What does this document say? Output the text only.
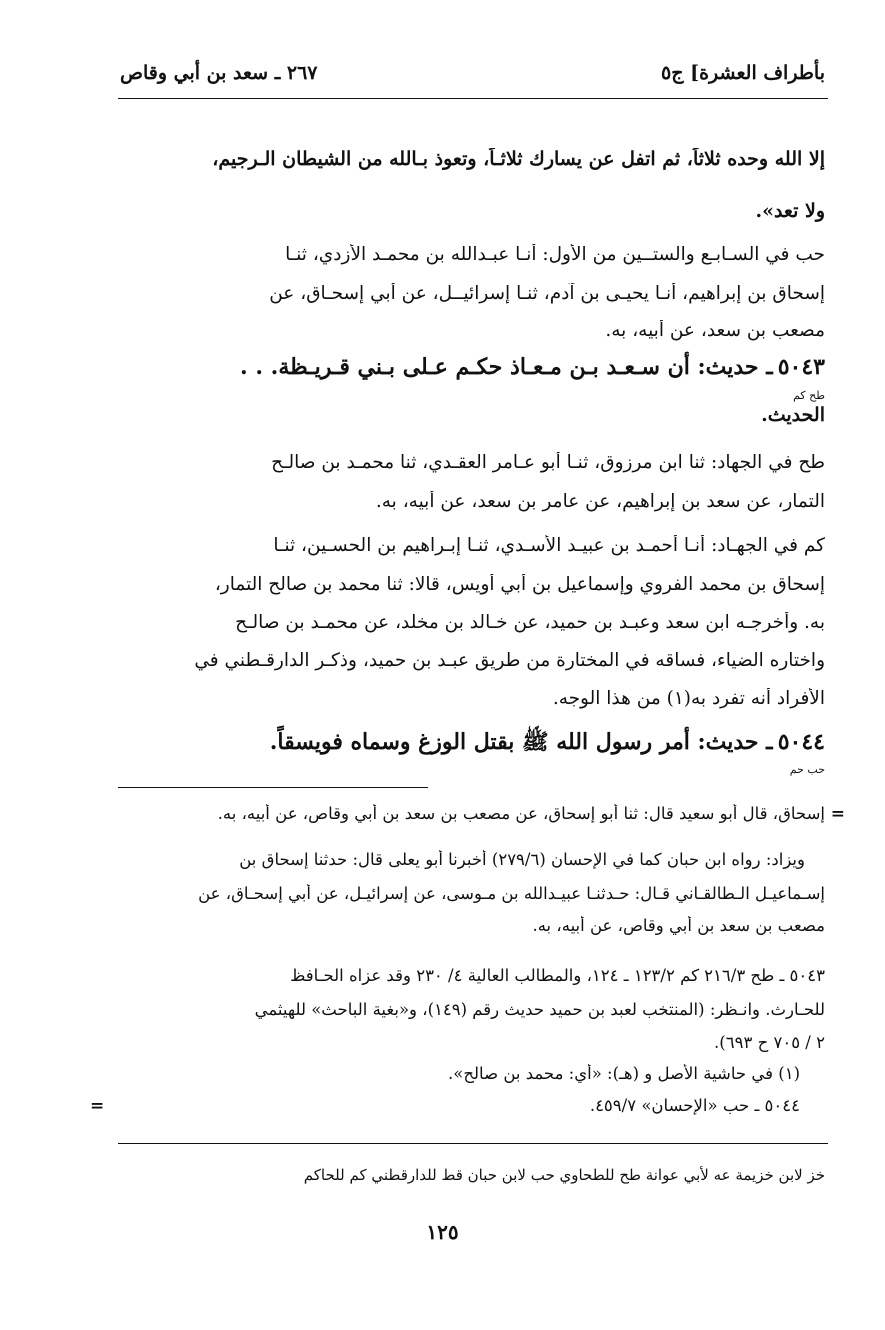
بأطراف العشرة] ج٥
٢٦٧ ـ سعد بن أبي وقاص
إلا الله وحده ثلاثاً، ثم اتفل عن يسارك ثلاثـاً، وتعوذ بـالله من الشيطان الـرجيم،
ولا تعد».
حب في السـابـع والستــين من الأول: أنـا عبـدالله بن محمـد الأزدي، ثنـا
إسحاق بن إبراهيم، أنـا يحيـى بن آدم، ثنـا إسرائيــل، عن أبي إسحـاق، عن
مصعب بن سعد، عن أبيه، به.
٥٠٤٣ ـ حديث: أن سـعـد بـن مـعـاذ حكـم عـلى بـني قـريـظة. . .
طح كم
الحديث.
طح في الجهاد: ثنا ابن مرزوق، ثنـا أبو عـامر العقـدي، ثنا محمـد بن صالـح
التمار، عن سعد بن إبراهيم، عن عامر بن سعد، عن أبيه، به.
كم في الجهـاد: أنـا أحمـد بن عبيـد الأسـدي، ثنـا إبـراهيم بن الحسـين، ثنـا
إسحاق بن محمد الفروي وإسماعيل بن أبي أويس، قالا: ثنا محمد بن صالح التمار،
به. وأخرجـه ابن سعد وعبـد بن حميد، عن خـالد بن مخلد، عن محمـد بن صالـح
واختاره الضياء، فساقه في المختارة من طريق عبـد بن حميد، وذكـر الدارقـطني في
الأفراد أنه تفرد به(١) من هذا الوجه.
٥٠٤٤ ـ حديث: أمر رسول الله ﷺ بقتل الوزغ وسماه فويسقاً.
حب حم
=
إسحاق، قال أبو سعيد قال: ثنا أبو إسحاق، عن مصعب بن سعد بن أبي وقاص، عن أبيه، به.
ويزاد: رواه ابن حبان كما في الإحسان (٢٧٩/٦) أخبرنا أبو يعلى قال: حدثنا إسحاق بن
إسـماعيـل الـطالقـاني قـال: حـدثنـا عبيـدالله بن مـوسى، عن إسرائيـل، عن أبي إسحـاق، عن
مصعب بن سعد بن أبي وقاص، عن أبيه، به.
٥٠٤٣ ـ طح ٢١٦/٣ كم ١٢٣/٢ ـ ١٢٤، والمطالب العالية ٤/ ٢٣٠ وقد عزاه الحـافظ
للحـارث. وانـظر: (المنتخب لعبد بن حميد حديث رقم (١٤٩)، و«بغية الباحث» للهيثمي
٢ / ٧٠٥ ح ٦٩٣).
(١) في حاشية الأصل و (هـ): «أي: محمد بن صالح».
٥٠٤٤ ـ حب «الإحسان» ٤٥٩/٧.
=
خز لابن خزيمة عه لأبي عوانة طح للطحاوي حب لابن حبان قط للدارقطني كم للحاكم
١٢٥
